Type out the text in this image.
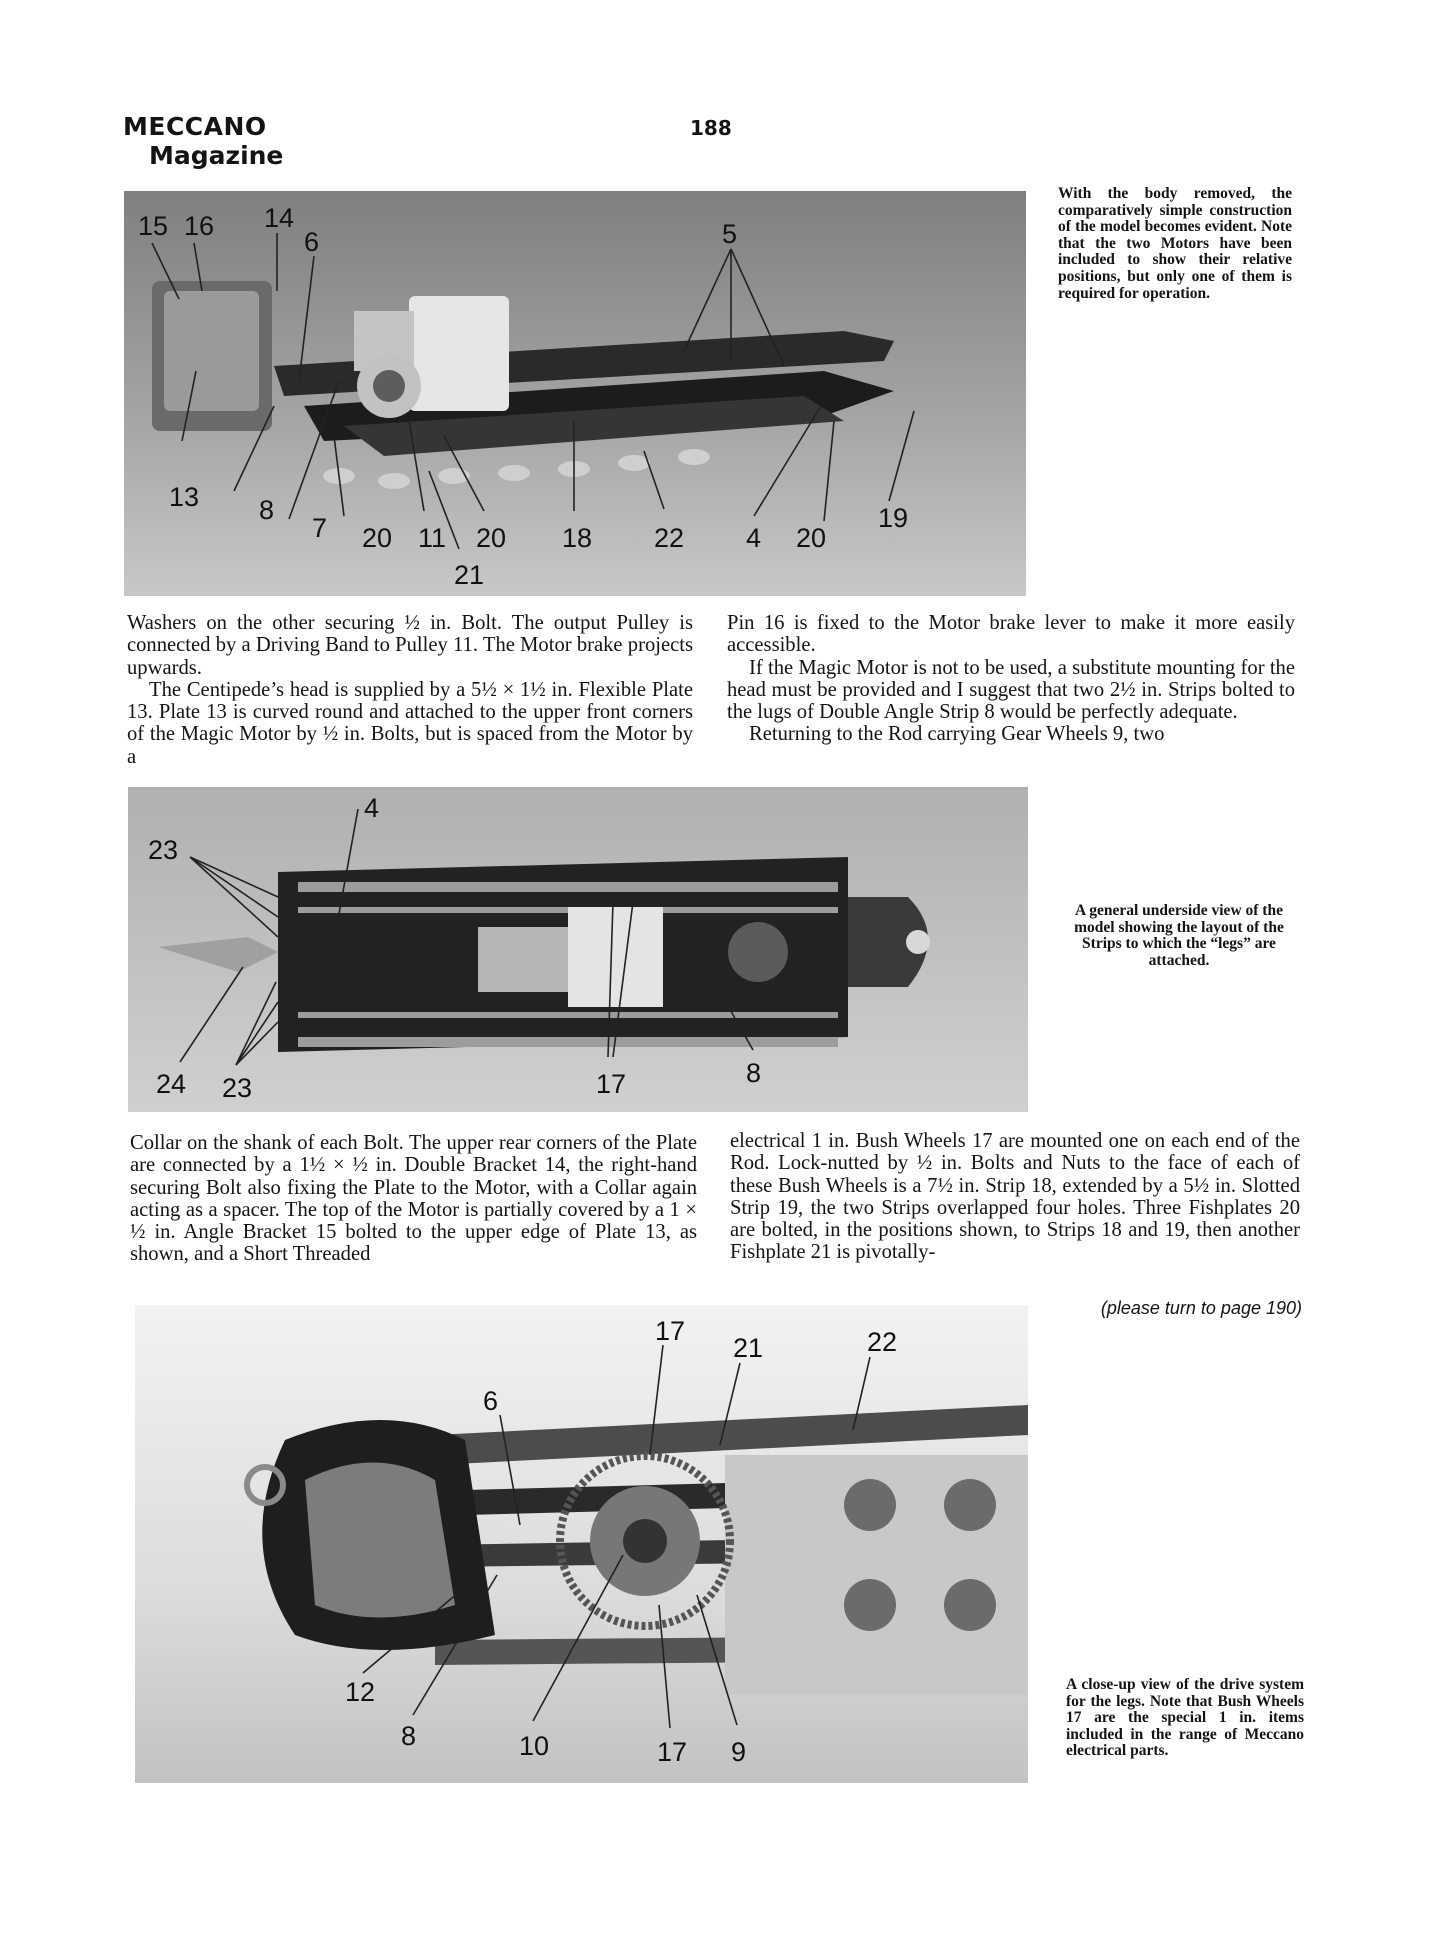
MECCANO
Magazine
188
15 16 14
6	5
13 8
7 20 11 20 18 22 4 20
19
21
With the body removed, the comparatively simple construction of the model becomes evident. Note that the two Motors have been included to show their relative positions, but only one of them is required for operation.

Washers on the other securing ½ in. Bolt. The output Pulley is connected by a Driving Band to Pulley 11. The Motor brake projects upwards.

The Centipede’s head is supplied by a 5½ × 1½ in. Flexible Plate 13. Plate 13 is curved round and attached to the upper front corners of the Magic Motor by ½ in. Bolts, but is spaced from the Motor by a

Pin 16 is fixed to the Motor brake lever to make it more easily accessible.

If the Magic Motor is not to be used, a substitute mounting for the head must be provided and I suggest that two 2½ in. Strips bolted to the lugs of Double Angle Strip 8 would be perfectly adequate.

Returning to the Rod carrying Gear Wheels 9, two

4
23
24 23	17	8
A general underside view of the model showing the layout of the Strips to which the “legs” are attached.

Collar on the shank of each Bolt. The upper rear corners of the Plate are connected by a 1½ × ½ in. Double Bracket 14, the right-hand securing Bolt also fixing the Plate to the Motor, with a Collar again acting as a spacer. The top of the Motor is partially covered by a 1 × ½ in. Angle Bracket 15 bolted to the upper edge of Plate 13, as shown, and a Short Threaded

electrical 1 in. Bush Wheels 17 are mounted one on each end of the Rod. Lock-nutted by ½ in. Bolts and Nuts to the face of each of these Bush Wheels is a 7½ in. Strip 18, extended by a 5½ in. Slotted Strip 19, the two Strips overlapped four holes. Three Fishplates 20 are bolted, in the positions shown, to Strips 18 and 19, then another Fishplate 21 is pivotally-

(please turn to page 190)
17
21	22
6
12
8	10	17 9
A close-up view of the drive system for the legs. Note that Bush Wheels 17 are the special 1 in. items included in the range of Meccano electrical parts.
